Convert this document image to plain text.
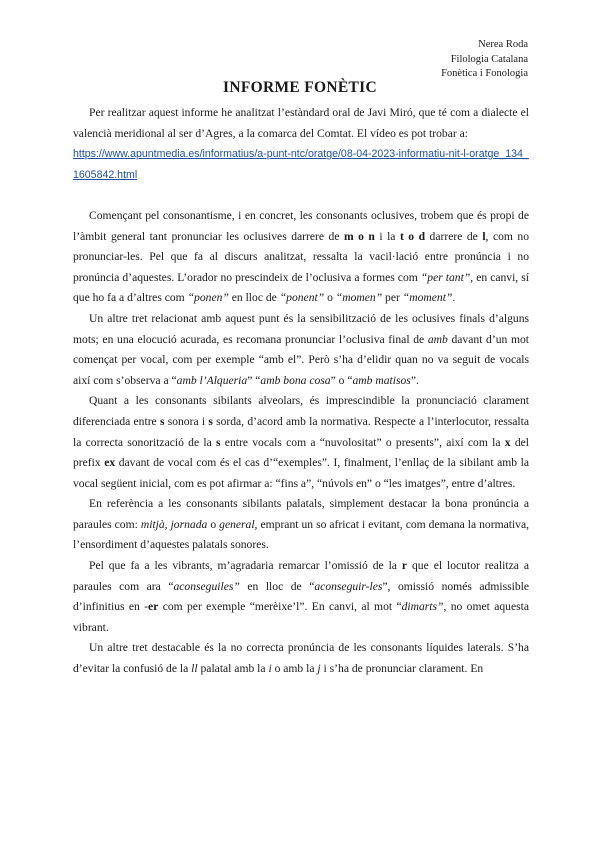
Nerea Roda
Filologia Catalana
Fonètica i Fonologia
INFORME FONÈTIC

Per realitzar aquest informe he analitzat l’estàndard oral de Javi Miró, que té com a dialecte el valencià meridional al ser d’Agres, a la comarca del Comtat. El vídeo es pot trobar a:

https://www.apuntmedia.es/informatius/a-punt-ntc/oratge/08-04-2023-informatiu-nit-l-oratge_134_1605842.html

Començant pel consonantisme, i en concret, les consonants oclusives, trobem que és propi de l’àmbit general tant pronunciar les oclusives darrere de m o n i la t o d darrere de l, com no pronunciar-les. Pel que fa al discurs analitzat, ressalta la vacil·lació entre pronúncia i no pronúncia d’aquestes. L’orador no prescindeix de l’oclusiva a formes com “per tant”, en canvi, sí que ho fa a d’altres com “ponen” en lloc de “ponent” o “momen” per “moment”.

Un altre tret relacionat amb aquest punt és la sensibilització de les oclusives finals d’alguns mots; en una elocució acurada, es recomana pronunciar l’oclusiva final de amb davant d’un mot començat per vocal, com per exemple “amb el”. Però s’ha d’elidir quan no va seguit de vocals així com s’observa a “amb l’Alqueria” “amb bona cosa” o “amb matisos”.

Quant a les consonants sibilants alveolars, és imprescindible la pronunciació clarament diferenciada entre s sonora i s sorda, d’acord amb la normativa. Respecte a l’interlocutor, ressalta la correcta sonorització de la s entre vocals com a “nuvolositat” o presents”, així com la x del prefix ex davant de vocal com és el cas d’“exemples”. I, finalment, l’enllaç de la sibilant amb la vocal següent inicial, com es pot afirmar a: “fins a”, “núvols en” o “les imatges”, entre d’altres.

En referència a les consonants sibilants palatals, simplement destacar la bona pronúncia a paraules com: mitjà, jornada o general, emprant un so africat i evitant, com demana la normativa, l’ensordiment d’aquestes palatals sonores.

Pel que fa a les vibrants, m’agradaria remarcar l’omissió de la r que el locutor realitza a paraules com ara “aconseguiles” en lloc de “aconseguir-les”, omissió només admissible d’infinitius en -er com per exemple “merèixe’l”. En canvi, al mot “dimarts”, no omet aquesta vibrant.

Un altre tret destacable és la no correcta pronúncia de les consonants líquides laterals. S’ha d’evitar la confusió de la ll palatal amb la i o amb la j i s’ha de pronunciar clarament. En
